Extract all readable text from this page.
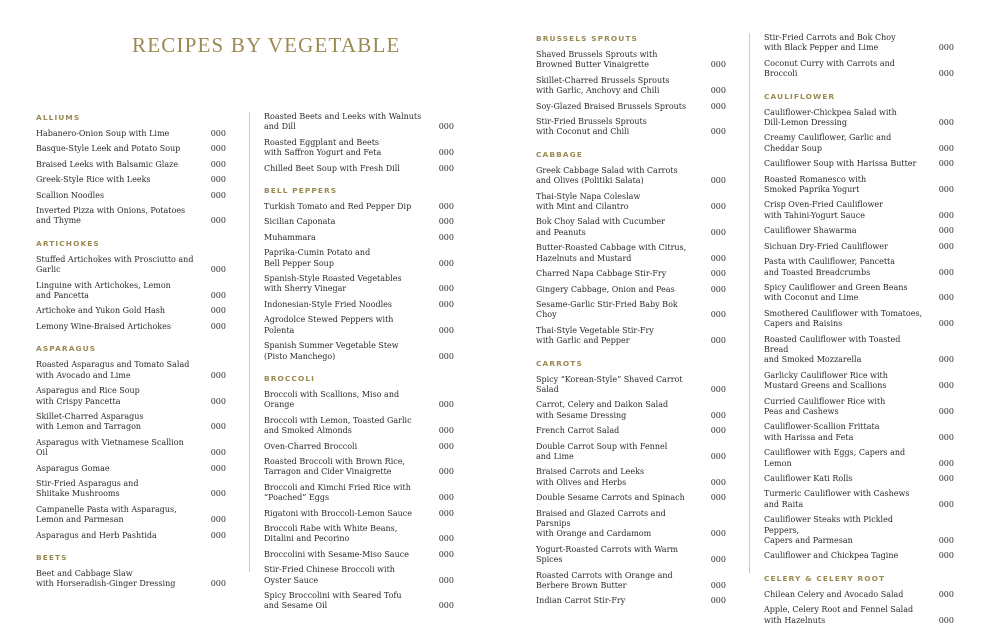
RECIPES BY VEGETABLE
ALLIUMS
Habanero-Onion Soup with Lime	000
Basque-Style Leek and Potato Soup	000
Braised Leeks with Balsamic Glaze	000
Greek-Style Rice with Leeks	000
Scallion Noodles	000
Inverted Pizza with Onions, Potatoes
and Thyme	000
ARTICHOKES
Stuffed Artichokes with Prosciutto and Garlic	000
Linguine with Artichokes, Lemon
and Pancetta	000
Artichoke and Yukon Gold Hash	000
Lemony Wine-Braised Artichokes	000
ASPARAGUS
Roasted Asparagus and Tomato Salad
with Avocado and Lime	000
Asparagus and Rice Soup
with Crispy Pancetta	000
Skillet-Charred Asparagus
with Lemon and Tarragon	000
Asparagus with Vietnamese Scallion Oil	000
Asparagus Gomae	000
Stir-Fried Asparagus and
Shiitake Mushrooms	000
Campanelle Pasta with Asparagus,
Lemon and Parmesan	000
Asparagus and Herb Pashtida	000
BEETS
Beet and Cabbage Slaw
with Horseradish-Ginger Dressing	000
Roasted Beets and Leeks with Walnuts and Dill	000
Roasted Eggplant and Beets
with Saffron Yogurt and Feta	000
Chilled Beet Soup with Fresh Dill	000
BELL PEPPERS
Turkish Tomato and Red Pepper Dip	000
Sicilian Caponata	000
Muhammara	000
Paprika-Cumin Potato and
Bell Pepper Soup	000
Spanish-Style Roasted Vegetables
with Sherry Vinegar	000
Indonesian-Style Fried Noodles	000
Agrodolce Stewed Peppers with Polenta	000
Spanish Summer Vegetable Stew
(Pisto Manchego)	000
BROCCOLI
Broccoli with Scallions, Miso and Orange	000
Broccoli with Lemon, Toasted Garlic
and Smoked Almonds	000
Oven-Charred Broccoli	000
Roasted Broccoli with Brown Rice,
Tarragon and Cider Vinaigrette	000
Broccoli and Kimchi Fried Rice with
“Poached” Eggs	000
Rigatoni with Broccoli-Lemon Sauce	000
Broccoli Rabe with White Beans,
Ditalini and Pecorino	000
Broccolini with Sesame-Miso Sauce	000
Stir-Fried Chinese Broccoli with Oyster Sauce	000
Spicy Broccolini with Seared Tofu
and Sesame Oil	000
BRUSSELS SPROUTS
Shaved Brussels Sprouts with
Browned Butter Vinaigrette	000
Skillet-Charred Brussels Sprouts
with Garlic, Anchovy and Chili	000
Soy-Glazed Braised Brussels Sprouts	000
Stir-Fried Brussels Sprouts
with Coconut and Chili	000
CABBAGE
Greek Cabbage Salad with Carrots
and Olives (Politiki Salata)	000
Thai-Style Napa Coleslaw
with Mint and Cilantro	000
Bok Choy Salad with Cucumber
and Peanuts	000
Butter-Roasted Cabbage with Citrus,
Hazelnuts and Mustard	000
Charred Napa Cabbage Stir-Fry	000
Gingery Cabbage, Onion and Peas	000
Sesame-Garlic Stir-Fried Baby Bok Choy	000
Thai-Style Vegetable Stir-Fry
with Garlic and Pepper	000
CARROTS
Spicy “Korean-Style” Shaved Carrot Salad	000
Carrot, Celery and Daikon Salad
with Sesame Dressing	000
French Carrot Salad	000
Double Carrot Soup with Fennel
and Lime	000
Braised Carrots and Leeks
with Olives and Herbs	000
Double Sesame Carrots and Spinach	000
Braised and Glazed Carrots and Parsnips
with Orange and Cardamom	000
Yogurt-Roasted Carrots with Warm Spices	000
Roasted Carrots with Orange and
Berbere Brown Butter	000
Indian Carrot Stir-Fry	000
Stir-Fried Carrots and Bok Choy
with Black Pepper and Lime	000
Coconut Curry with Carrots and Broccoli	000
CAULIFLOWER
Cauliflower-Chickpea Salad with
Dill-Lemon Dressing	000
Creamy Cauliflower, Garlic and Cheddar Soup	000
Cauliflower Soup with Harissa Butter	000
Roasted Romanesco with
Smoked Paprika Yogurt	000
Crisp Oven-Fried Cauliflower
with Tahini-Yogurt Sauce	000
Cauliflower Shawarma	000
Sichuan Dry-Fried Cauliflower	000
Pasta with Cauliflower, Pancetta
and Toasted Breadcrumbs	000
Spicy Cauliflower and Green Beans
with Coconut and Lime	000
Smothered Cauliflower with Tomatoes,
Capers and Raisins	000
Roasted Cauliflower with Toasted Bread
and Smoked Mozzarella	000
Garlicky Cauliflower Rice with
Mustard Greens and Scallions	000
Curried Cauliflower Rice with
Peas and Cashews	000
Cauliflower-Scallion Frittata
with Harissa and Feta	000
Cauliflower with Eggs, Capers and Lemon	000
Cauliflower Kati Rolls	000
Turmeric Cauliflower with Cashews and Raita	000
Cauliflower Steaks with Pickled Peppers,
Capers and Parmesan	000
Cauliflower and Chickpea Tagine	000
CELERY & CELERY ROOT
Chilean Celery and Avocado Salad	000
Apple, Celery Root and Fennel Salad
with Hazelnuts	000
